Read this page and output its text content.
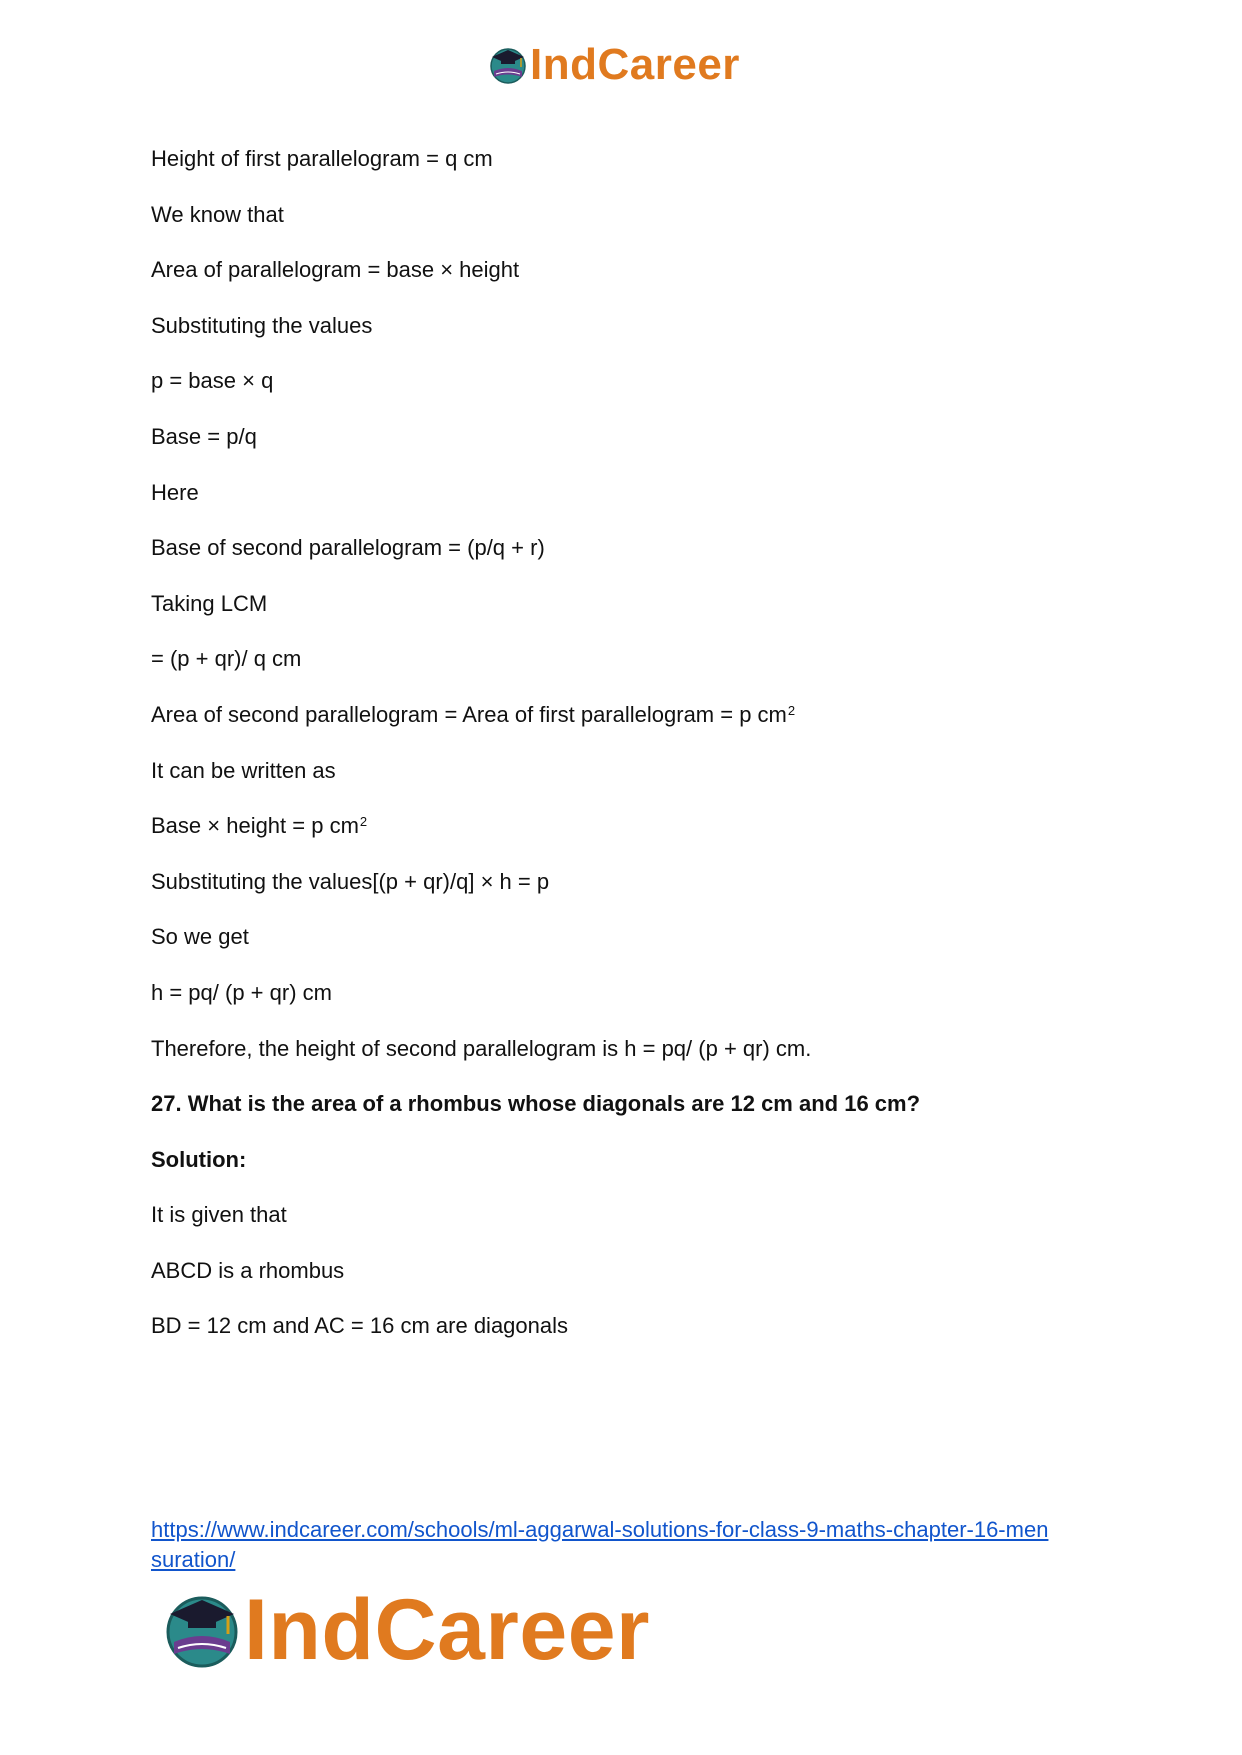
IndCareer
Height of first parallelogram = q cm
We know that
Area of parallelogram = base × height
Substituting the values
p = base × q
Base = p/q
Here
Base of second parallelogram = (p/q + r)
Taking LCM
= (p + qr)/ q cm
Area of second parallelogram = Area of first parallelogram = p $cm^2$
It can be written as
Base × height = p $cm^2$
Substituting the values[(p + qr)/q] × h = p
So we get
h = pq/ (p + qr) cm
Therefore, the height of second parallelogram is h = pq/ (p + qr) cm.
27. What is the area of a rhombus whose diagonals are 12 cm and 16 cm?
Solution:
It is given that
ABCD is a rhombus
BD = 12 cm and AC = 16 cm are diagonals
https://www.indcareer.com/schools/ml-aggarwal-solutions-for-class-9-maths-chapter-16-men
suration/
IndCareer
